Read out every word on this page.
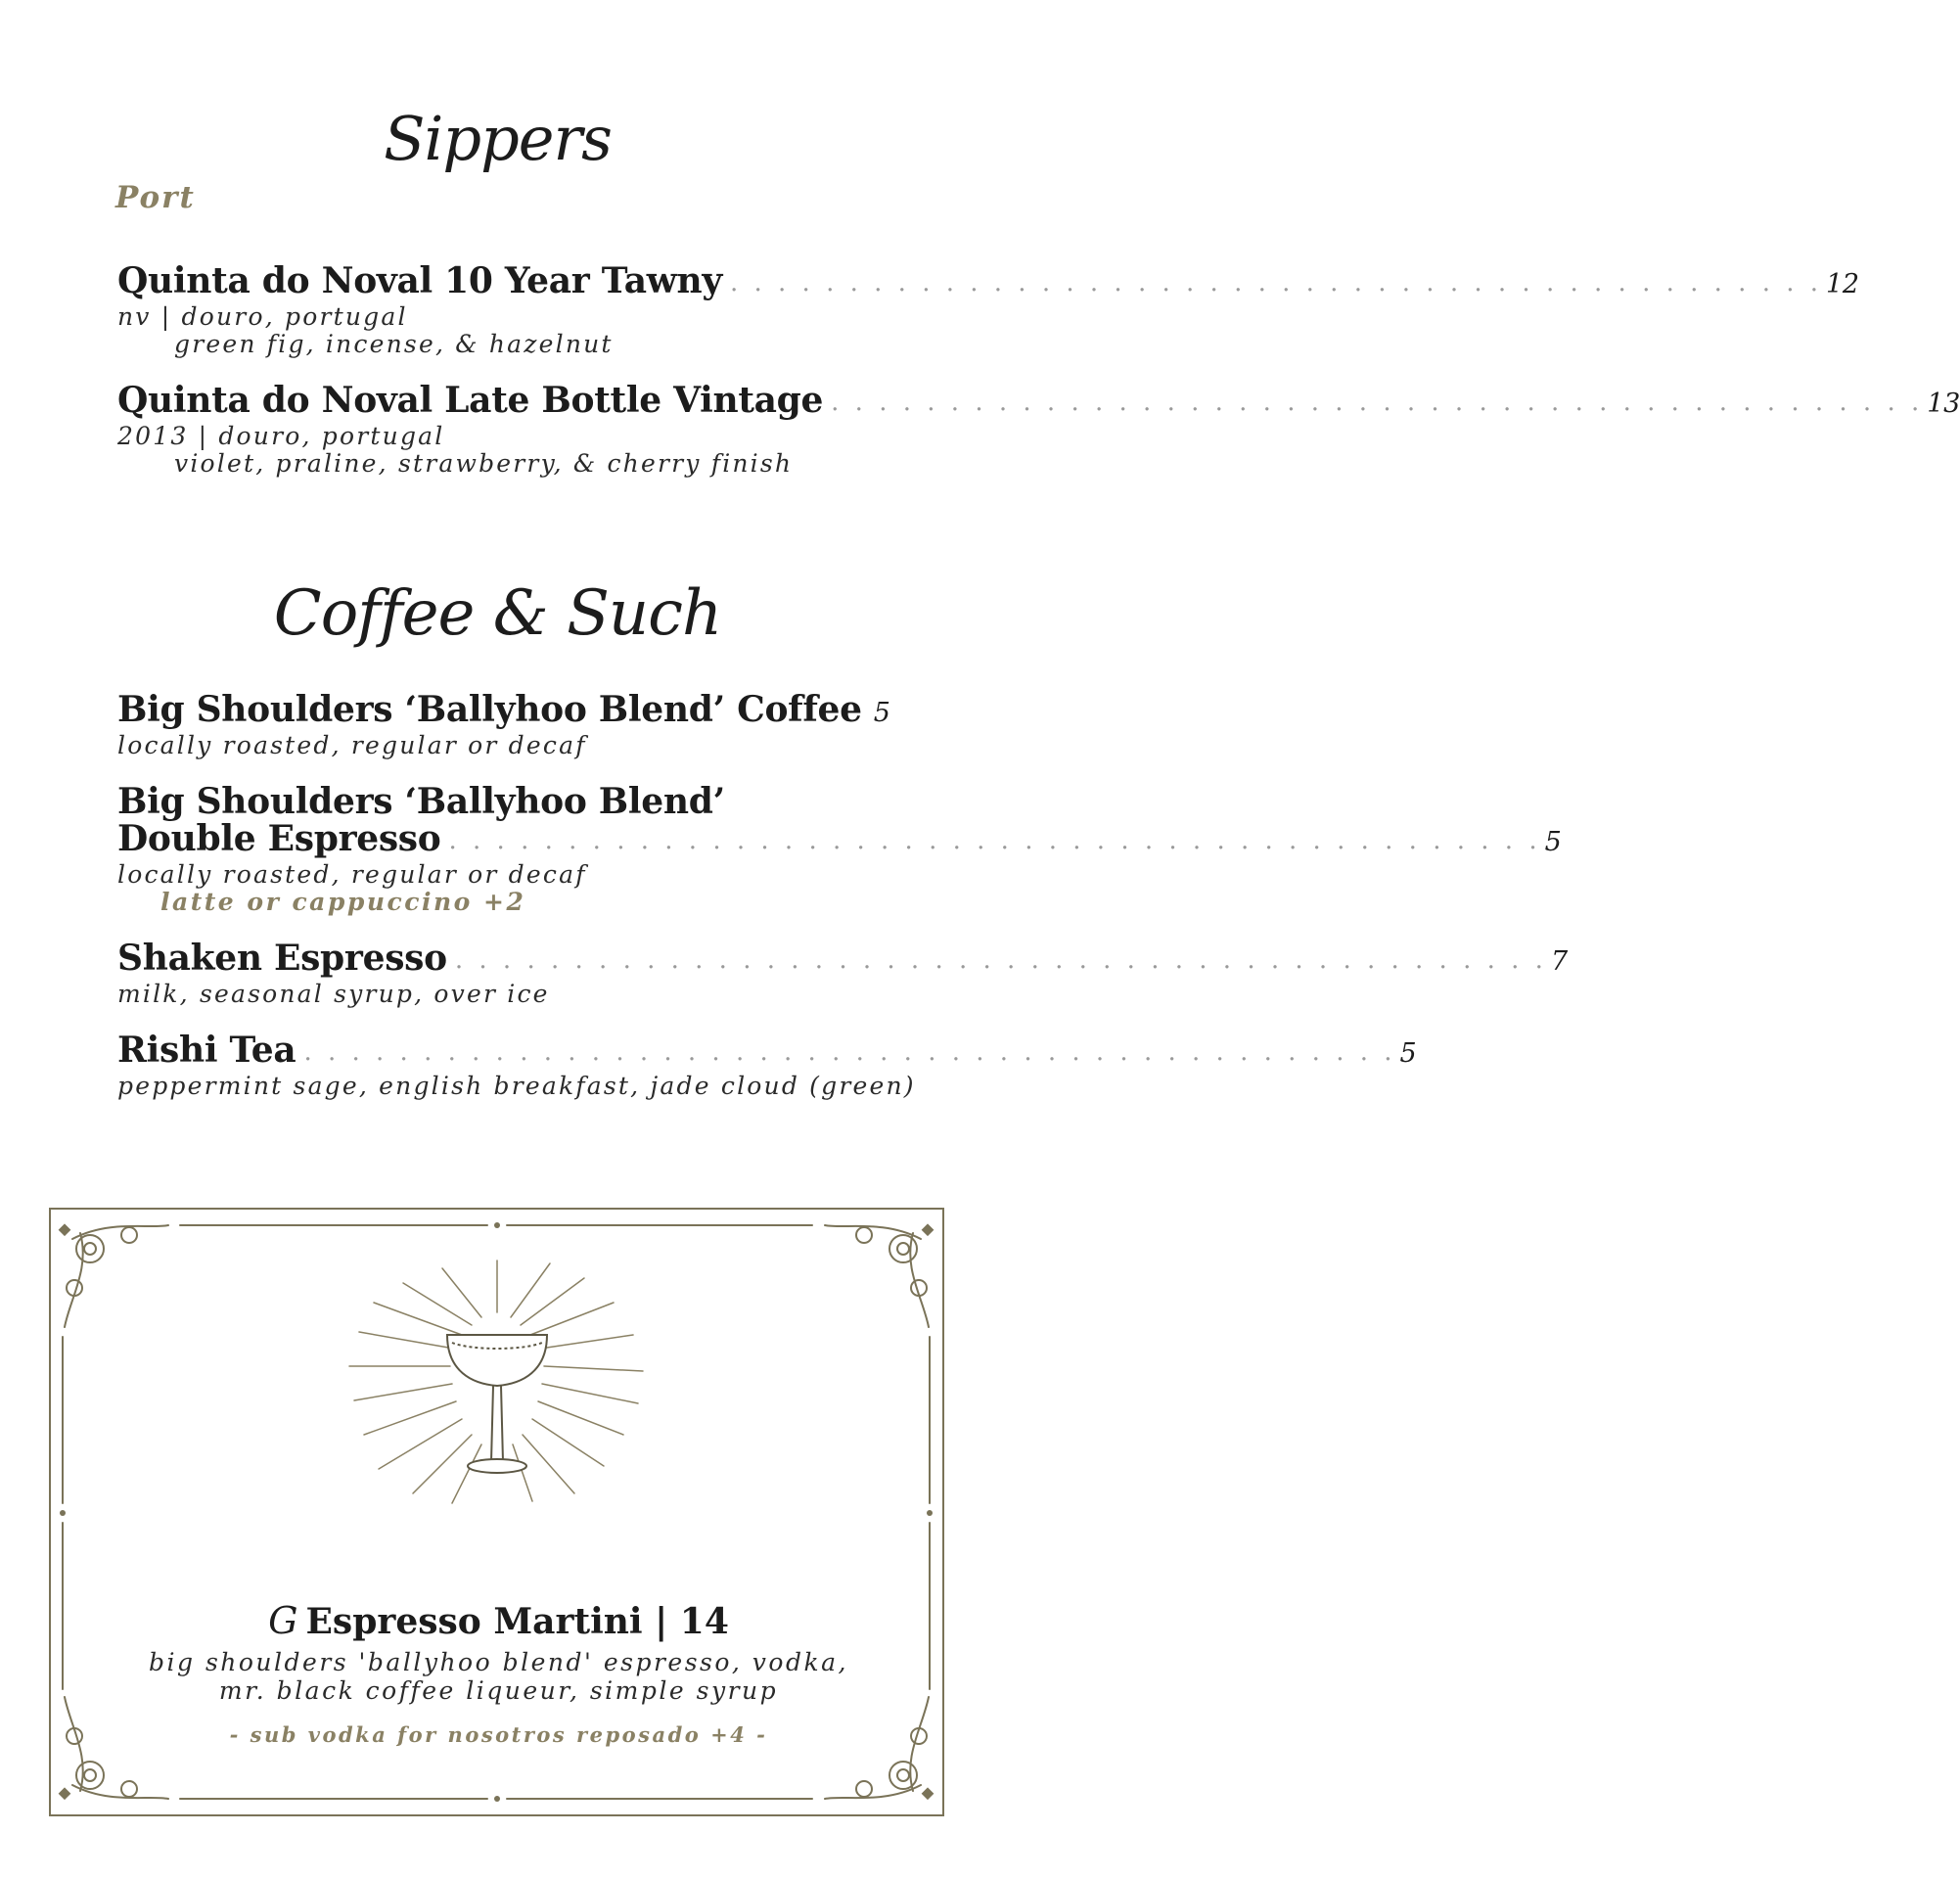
Sippers
Port
Quinta do Noval 10 Year Tawny . . . . . . . . . . . . . . . . . . . . . . . . . . . . . . . . . . . . . . . . . . . . . . 12
nv | douro, portugal
green fig, incense, & hazelnut
Quinta do Noval Late Bottle Vintage . . . . . . . . . . . . . . . . . . . . . . . . . . . . . . . . . . . . . . . . . . . . . . 13
2013 | douro, portugal
violet, praline, strawberry, & cherry finish
Coffee & Such
Big Shoulders ‘Ballyhoo Blend’ Coffee 5
locally roasted, regular or decaf
Big Shoulders ‘Ballyhoo Blend’
Double Espresso . . . . . . . . . . . . . . . . . . . . . . . . . . . . . . . . . . . . . . . . . . . . . . 5
locally roasted, regular or decaf
latte or cappuccino +2
Shaken Espresso . . . . . . . . . . . . . . . . . . . . . . . . . . . . . . . . . . . . . . . . . . . . . . 7
milk, seasonal syrup, over ice
Rishi Tea . . . . . . . . . . . . . . . . . . . . . . . . . . . . . . . . . . . . . . . . . . . . . . 5
peppermint sage, english breakfast, jade cloud (green)
G Espresso Martini | 14
big shoulders 'ballyhoo blend' espresso, vodka,
mr. black coffee liqueur, simple syrup
- sub vodka for nosotros reposado +4 -
